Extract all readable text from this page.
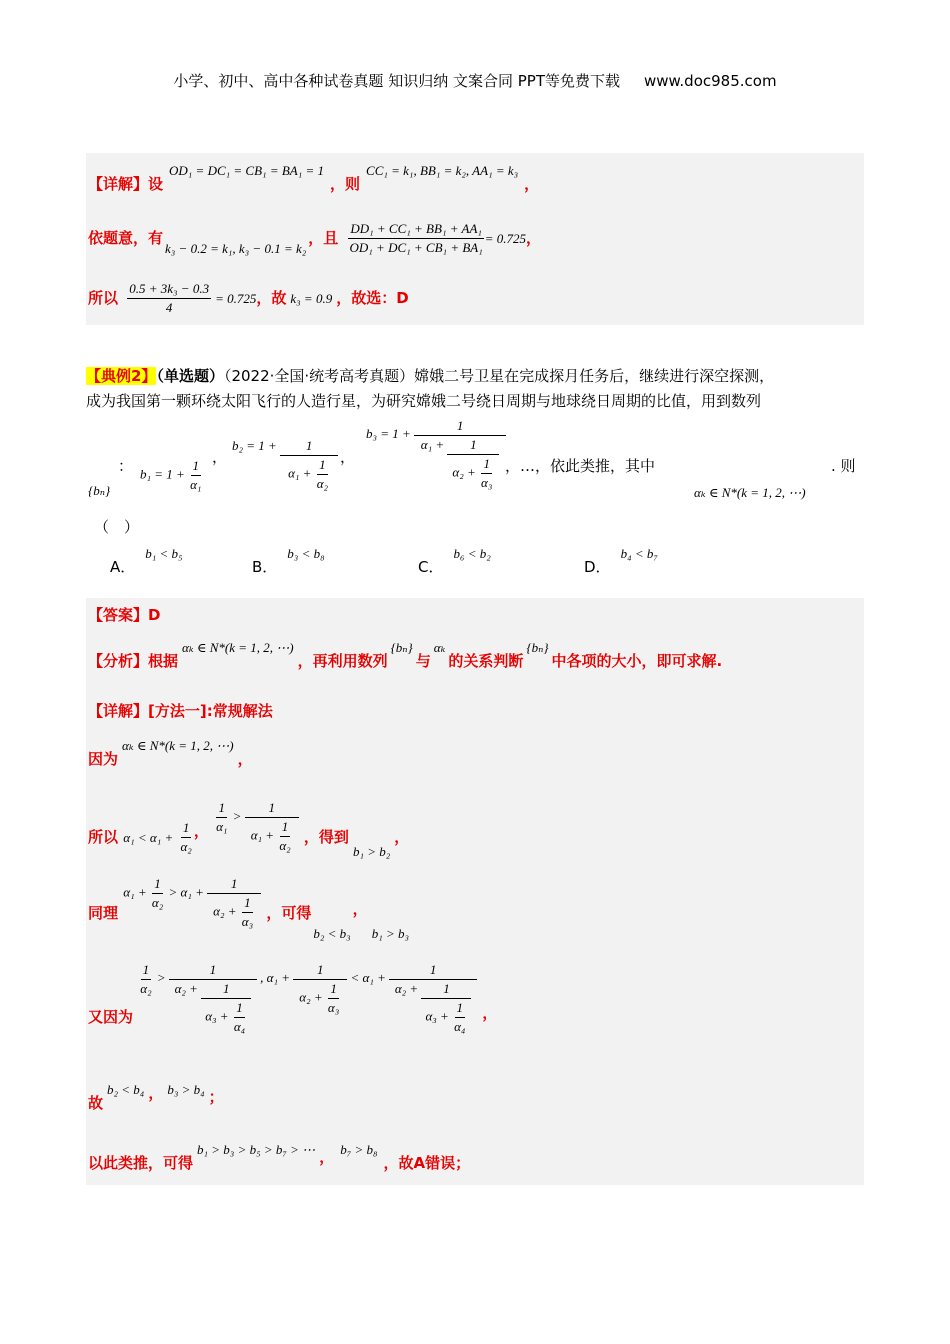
小学、初中、高中各种试卷真题 知识归纳 文案合同 PPT等免费下载 www.doc985.com
【详解】设OD₁ = DC₁ = CB₁ = BA₁ = 1，则CC₁ = k₁, BB₁ = k₂, AA₁ = k₃，
依题意，有k₃ − 0.2 = k₁, k₃ − 0.1 = k₂，且 $\frac{\text{DD₁ + CC₁ + BB₁ + AA₁}}{\text{OD₁ + DC₁ + CB₁ + BA₁}} = 0.725$，
所以 $\frac{\text{0.5 + 3k₃ − 0.3}}{4} = 0.725$，故 k₃ = 0.9 ，故选：D
【典例2】（单选题）（2022·全国·统考高考真题）嫦娥二号卫星在完成探月任务后，继续进行深空探测，
成为我国第一颗环绕太阳飞行的人造行星，为研究嫦娥二号绕日周期与地球绕日周期的比值，用到数列
：
{bₙ}
$b_1 = 1 + \frac{1}{\text{α₁}}$
，
$b_2 = 1 + \frac{1}{\alpha_1 + \frac{1}{\text{α₂}}}$ ，
$b_3 = 1 + \frac{1}{\alpha_1 + \frac{1}{\alpha_2 + \frac{1}{\text{α₃}}}}$
，…，依此类推，其中
αₖ ∈ N*(k = 1, 2, ⋯)
. 则
（　）
A．b₁ < b₅
B．b₃ < b₈
C．b₆ < b₂
D．b₄ < b₇
【答案】D
【分析】根据αₖ ∈ N*(k = 1, 2, ⋯)，再利用数列{bₙ}与αₖ的关系判断{bₙ}中各项的大小，即可求解.
【详解】[方法一]:常规解法
因为αₖ ∈ N*(k = 1, 2, ⋯)，
所以 $\alpha_1 < \alpha_1 + \frac{1}{\text{α₂}}$ ， $\frac{1}{\text{α₁}} > \frac{1}{\alpha_1 + \frac{1}{\text{α₂}}}$ ，得到b₁ > b₂，
同理 $\alpha_1 + \frac{1}{\text{α₂}} > \alpha_1 + \frac{1}{\alpha_2 + \frac{1}{\text{α₃}}}$ ，可得b₂ < b₃，b₁ > b₃
又因为
$\frac{1}{\text{α₂}} > \frac{1}{\alpha_2 + \frac{1}{\alpha_3 + \frac{1}{\text{α₄}}}}$ , $\alpha_1 + \frac{1}{\alpha_2 + \frac{1}{\text{α₃}}} < \alpha_1 + \frac{1}{\alpha_2 + \frac{1}{\alpha_3 + \frac{1}{\text{α₄}}}}$ ，
故b₂ < b₄ ， b₃ > b₄ ；
以此类推，可得b₁ > b₃ > b₅ > b₇ > ⋯ ， b₇ > b₈，故A错误；
